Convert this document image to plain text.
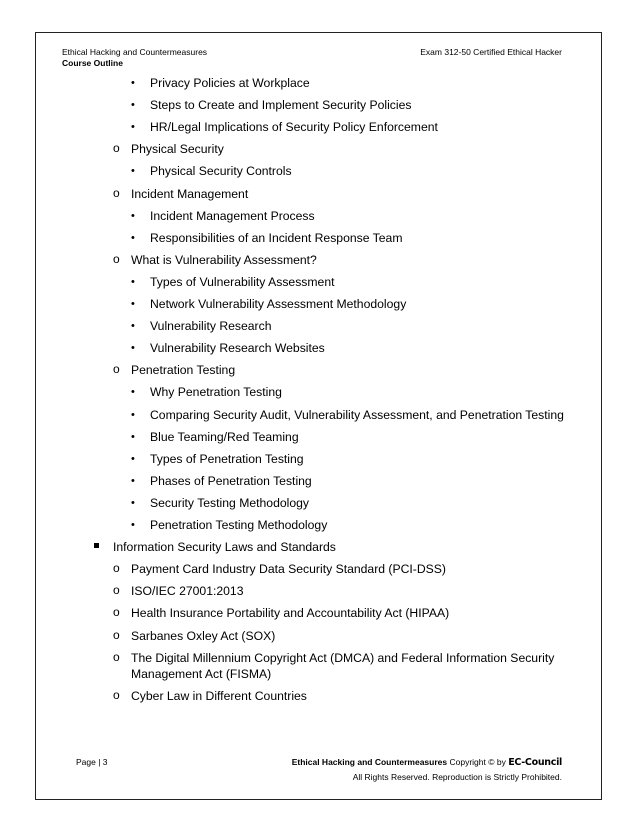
Ethical Hacking and Countermeasures
Course Outline
Exam 312-50 Certified Ethical Hacker
• Privacy Policies at Workplace
• Steps to Create and Implement Security Policies
• HR/Legal Implications of Security Policy Enforcement
o Physical Security
• Physical Security Controls
o Incident Management
• Incident Management Process
• Responsibilities of an Incident Response Team
o What is Vulnerability Assessment?
• Types of Vulnerability Assessment
• Network Vulnerability Assessment Methodology
• Vulnerability Research
• Vulnerability Research Websites
o Penetration Testing
• Why Penetration Testing
• Comparing Security Audit, Vulnerability Assessment, and Penetration Testing
• Blue Teaming/Red Teaming
• Types of Penetration Testing
• Phases of Penetration Testing
• Security Testing Methodology
• Penetration Testing Methodology
Information Security Laws and Standards
o Payment Card Industry Data Security Standard (PCI-DSS)
o ISO/IEC 27001:2013
o Health Insurance Portability and Accountability Act (HIPAA)
o Sarbanes Oxley Act (SOX)
o The Digital Millennium Copyright Act (DMCA) and Federal Information Security
Management Act (FISMA)
o Cyber Law in Different Countries
Page | 3	Ethical Hacking and Countermeasures Copyright © by EC-Council
All Rights Reserved. Reproduction is Strictly Prohibited.
